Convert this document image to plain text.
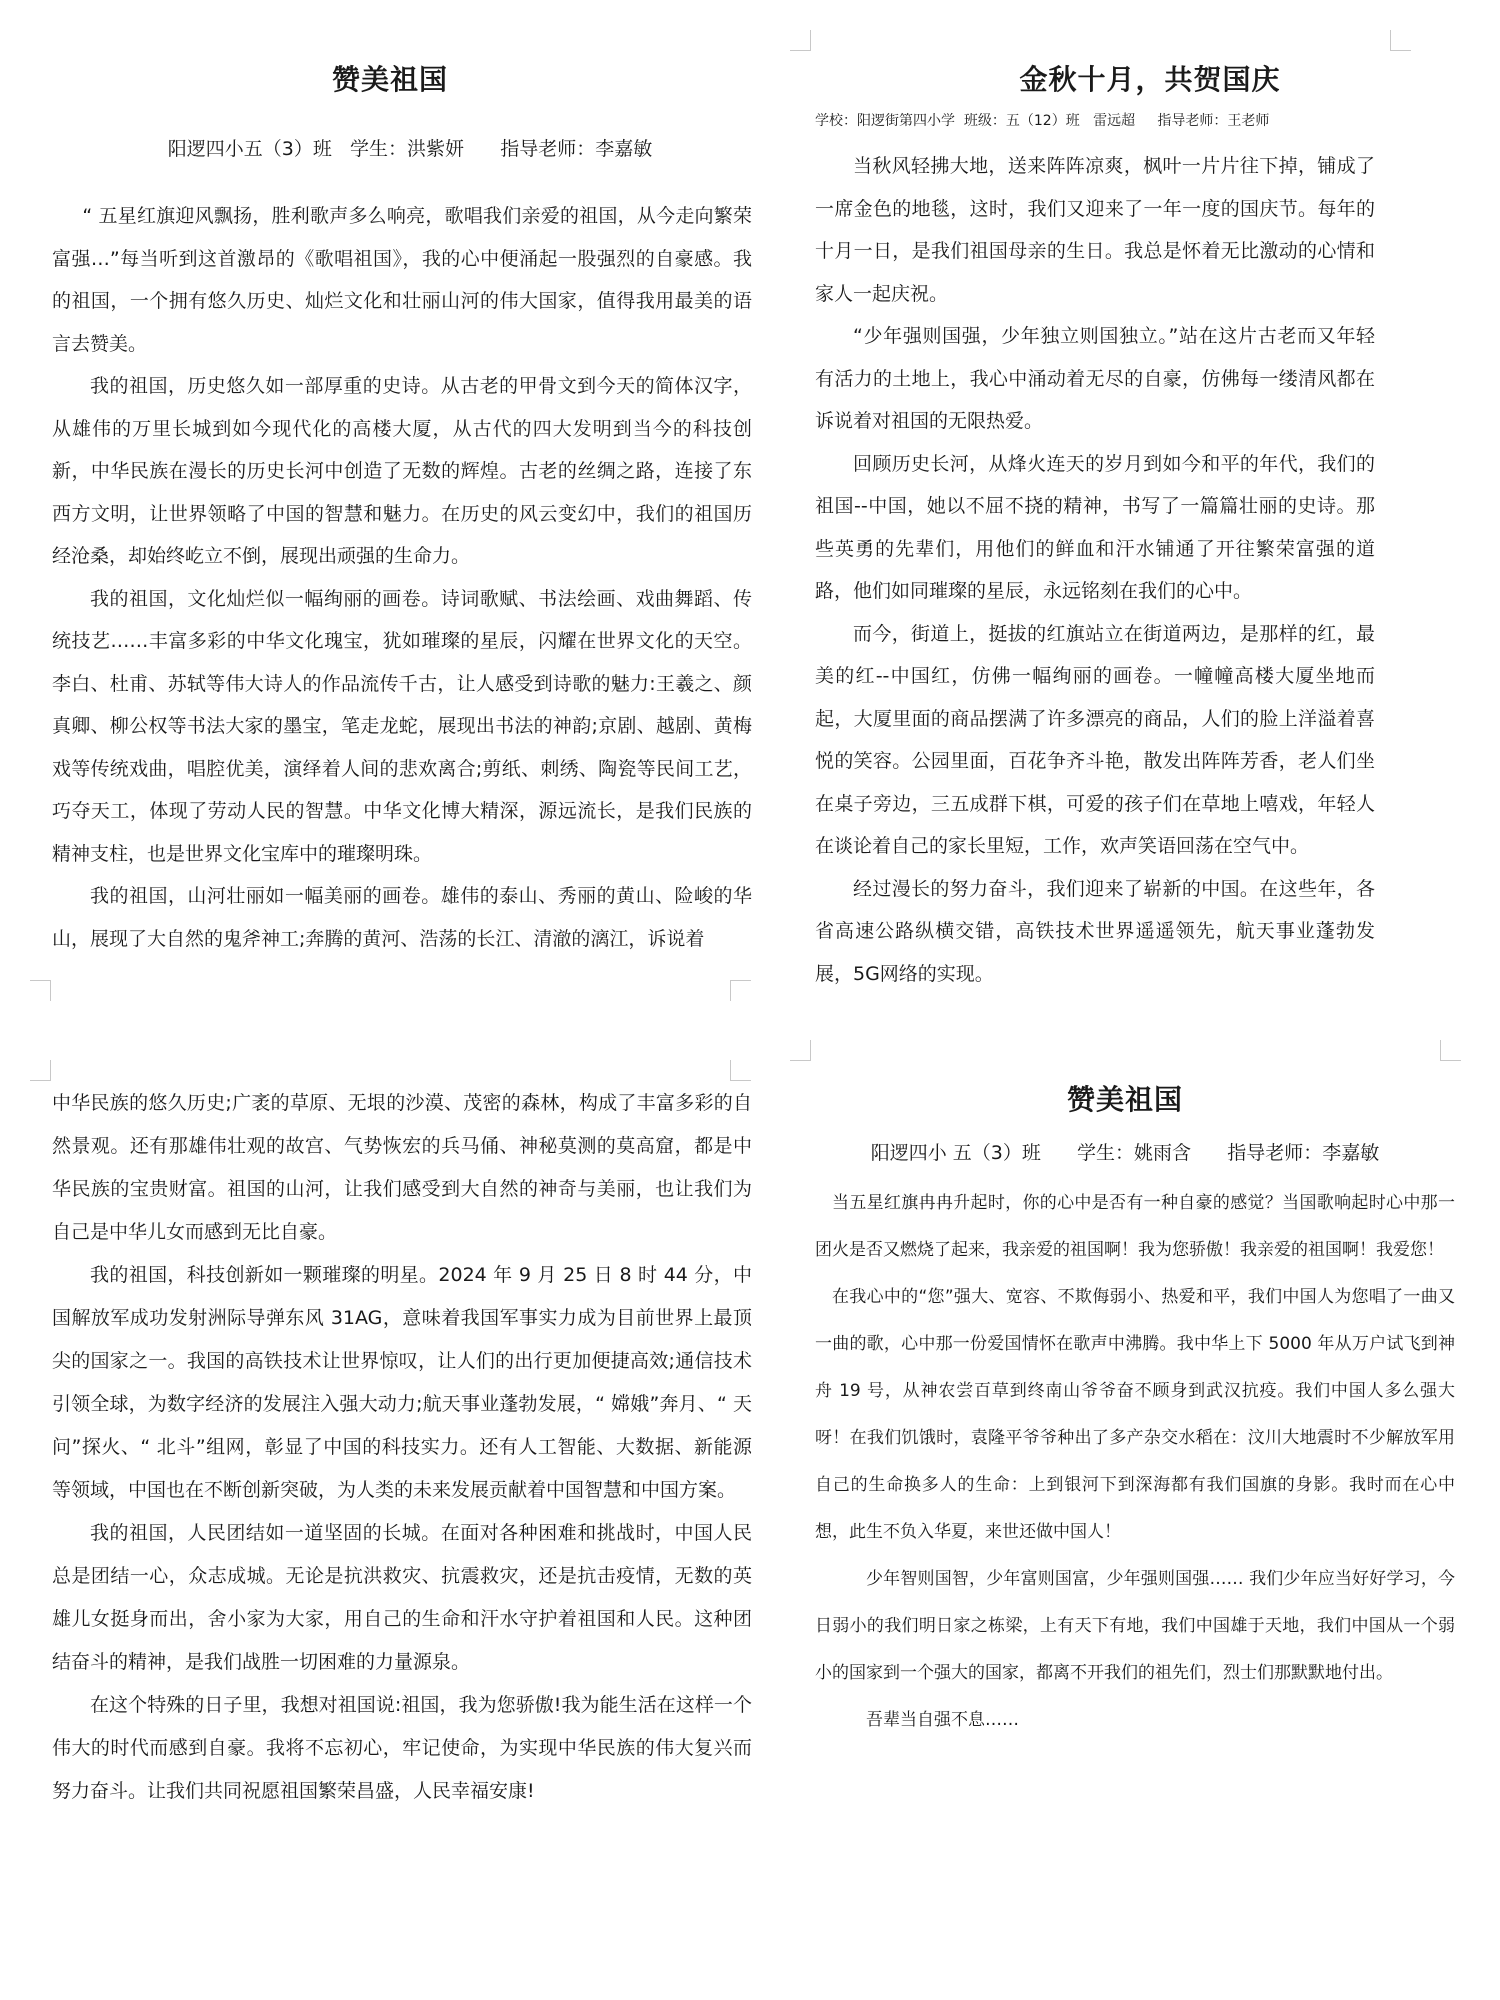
赞美祖国
阳逻四小五（3）班   学生：洪紫妍      指导老师：李嘉敏

“ 五星红旗迎风飘扬，胜利歌声多么响亮，歌唱我们亲爱的祖国，从今走向繁荣富强…”每当听到这首激昂的《歌唱祖国》，我的心中便涌起一股强烈的自豪感。我的祖国，一个拥有悠久历史、灿烂文化和壮丽山河的伟大国家，值得我用最美的语言去赞美。

我的祖国，历史悠久如一部厚重的史诗。从古老的甲骨文到今天的简体汉字，从雄伟的万里长城到如今现代化的高楼大厦，从古代的四大发明到当今的科技创新，中华民族在漫长的历史长河中创造了无数的辉煌。古老的丝绸之路，连接了东西方文明，让世界领略了中国的智慧和魅力。在历史的风云变幻中，我们的祖国历经沧桑，却始终屹立不倒，展现出顽强的生命力。

我的祖国，文化灿烂似一幅绚丽的画卷。诗词歌赋、书法绘画、戏曲舞蹈、传统技艺……丰富多彩的中华文化瑰宝，犹如璀璨的星辰，闪耀在世界文化的天空。李白、杜甫、苏轼等伟大诗人的作品流传千古，让人感受到诗歌的魅力:王羲之、颜真卿、柳公权等书法大家的墨宝，笔走龙蛇，展现出书法的神韵;京剧、越剧、黄梅戏等传统戏曲，唱腔优美，演绎着人间的悲欢离合;剪纸、刺绣、陶瓷等民间工艺，巧夺天工，体现了劳动人民的智慧。中华文化博大精深，源远流长，是我们民族的精神支柱，也是世界文化宝库中的璀璨明珠。

我的祖国，山河壮丽如一幅美丽的画卷。雄伟的泰山、秀丽的黄山、险峻的华山，展现了大自然的鬼斧神工;奔腾的黄河、浩荡的长江、清澈的漓江，诉说着

金秋十月，共贺国庆
学校：阳逻街第四小学  班级：五（12）班   雷远超     指导老师：王老师

当秋风轻拂大地，送来阵阵凉爽，枫叶一片片往下掉，铺成了一席金色的地毯，这时，我们又迎来了一年一度的国庆节。每年的十月一日，是我们祖国母亲的生日。我总是怀着无比激动的心情和家人一起庆祝。

“少年强则国强，少年独立则国独立。”站在这片古老而又年轻有活力的土地上，我心中涌动着无尽的自豪，仿佛每一缕清风都在诉说着对祖国的无限热爱。

回顾历史长河，从烽火连天的岁月到如今和平的年代，我们的祖国--中国，她以不屈不挠的精神，书写了一篇篇壮丽的史诗。那些英勇的先辈们，用他们的鲜血和汗水铺通了开往繁荣富强的道路，他们如同璀璨的星辰，永远铭刻在我们的心中。

而今，街道上，挺拔的红旗站立在街道两边，是那样的红，最美的红--中国红，仿佛一幅绚丽的画卷。一幢幢高楼大厦坐地而起，大厦里面的商品摆满了许多漂亮的商品，人们的脸上洋溢着喜悦的笑容。公园里面，百花争齐斗艳，散发出阵阵芳香，老人们坐在桌子旁边，三五成群下棋，可爱的孩子们在草地上嘻戏，年轻人在谈论着自己的家长里短，工作，欢声笑语回荡在空气中。

经过漫长的努力奋斗，我们迎来了崭新的中国。在这些年，各省高速公路纵横交错，高铁技术世界遥遥领先，航天事业蓬勃发展，5G网络的实现。

中华民族的悠久历史;广袤的草原、无垠的沙漠、茂密的森林，构成了丰富多彩的自然景观。还有那雄伟壮观的故宫、气势恢宏的兵马俑、神秘莫测的莫高窟，都是中华民族的宝贵财富。祖国的山河，让我们感受到大自然的神奇与美丽，也让我们为自己是中华儿女而感到无比自豪。

我的祖国，科技创新如一颗璀璨的明星。2024 年 9 月 25 日 8 时 44 分，中国解放军成功发射洲际导弹东风 31AG，意味着我国军事实力成为目前世界上最顶尖的国家之一。我国的高铁技术让世界惊叹，让人们的出行更加便捷高效;通信技术引领全球，为数字经济的发展注入强大动力;航天事业蓬勃发展，“ 嫦娥”奔月、“ 天问”探火、“ 北斗”组网，彰显了中国的科技实力。还有人工智能、大数据、新能源等领域，中国也在不断创新突破，为人类的未来发展贡献着中国智慧和中国方案。

我的祖国，人民团结如一道坚固的长城。在面对各种困难和挑战时，中国人民总是团结一心，众志成城。无论是抗洪救灾、抗震救灾，还是抗击疫情，无数的英雄儿女挺身而出，舍小家为大家，用自己的生命和汗水守护着祖国和人民。这种团结奋斗的精神，是我们战胜一切困难的力量源泉。

在这个特殊的日子里，我想对祖国说:祖国，我为您骄傲!我为能生活在这样一个伟大的时代而感到自豪。我将不忘初心，牢记使命，为实现中华民族的伟大复兴而努力奋斗。让我们共同祝愿祖国繁荣昌盛，人民幸福安康!

赞美祖国
阳逻四小 五（3）班      学生：姚雨含      指导老师：李嘉敏

当五星红旗冉冉升起时，你的心中是否有一种自豪的感觉？当国歌响起时心中那一团火是否又燃烧了起来，我亲爱的祖国啊！我为您骄傲！我亲爱的祖国啊！我爱您！

在我心中的“您”强大、宽容、不欺侮弱小、热爱和平，我们中国人为您唱了一曲又一曲的歌，心中那一份爱国情怀在歌声中沸腾。我中华上下 5000 年从万户试飞到神舟 19 号，从神农尝百草到终南山爷爷奋不顾身到武汉抗疫。我们中国人多么强大呀！在我们饥饿时，袁隆平爷爷种出了多产杂交水稻在：汶川大地震时不少解放军用自己的生命换多人的生命：上到银河下到深海都有我们国旗的身影。我时而在心中想，此生不负入华夏，来世还做中国人！

少年智则国智，少年富则国富，少年强则国强…… 我们少年应当好好学习，今日弱小的我们明日家之栋梁，上有天下有地，我们中国雄于天地，我们中国从一个弱小的国家到一个强大的国家，都离不开我们的祖先们，烈士们那默默地付出。

吾辈当自强不息……
